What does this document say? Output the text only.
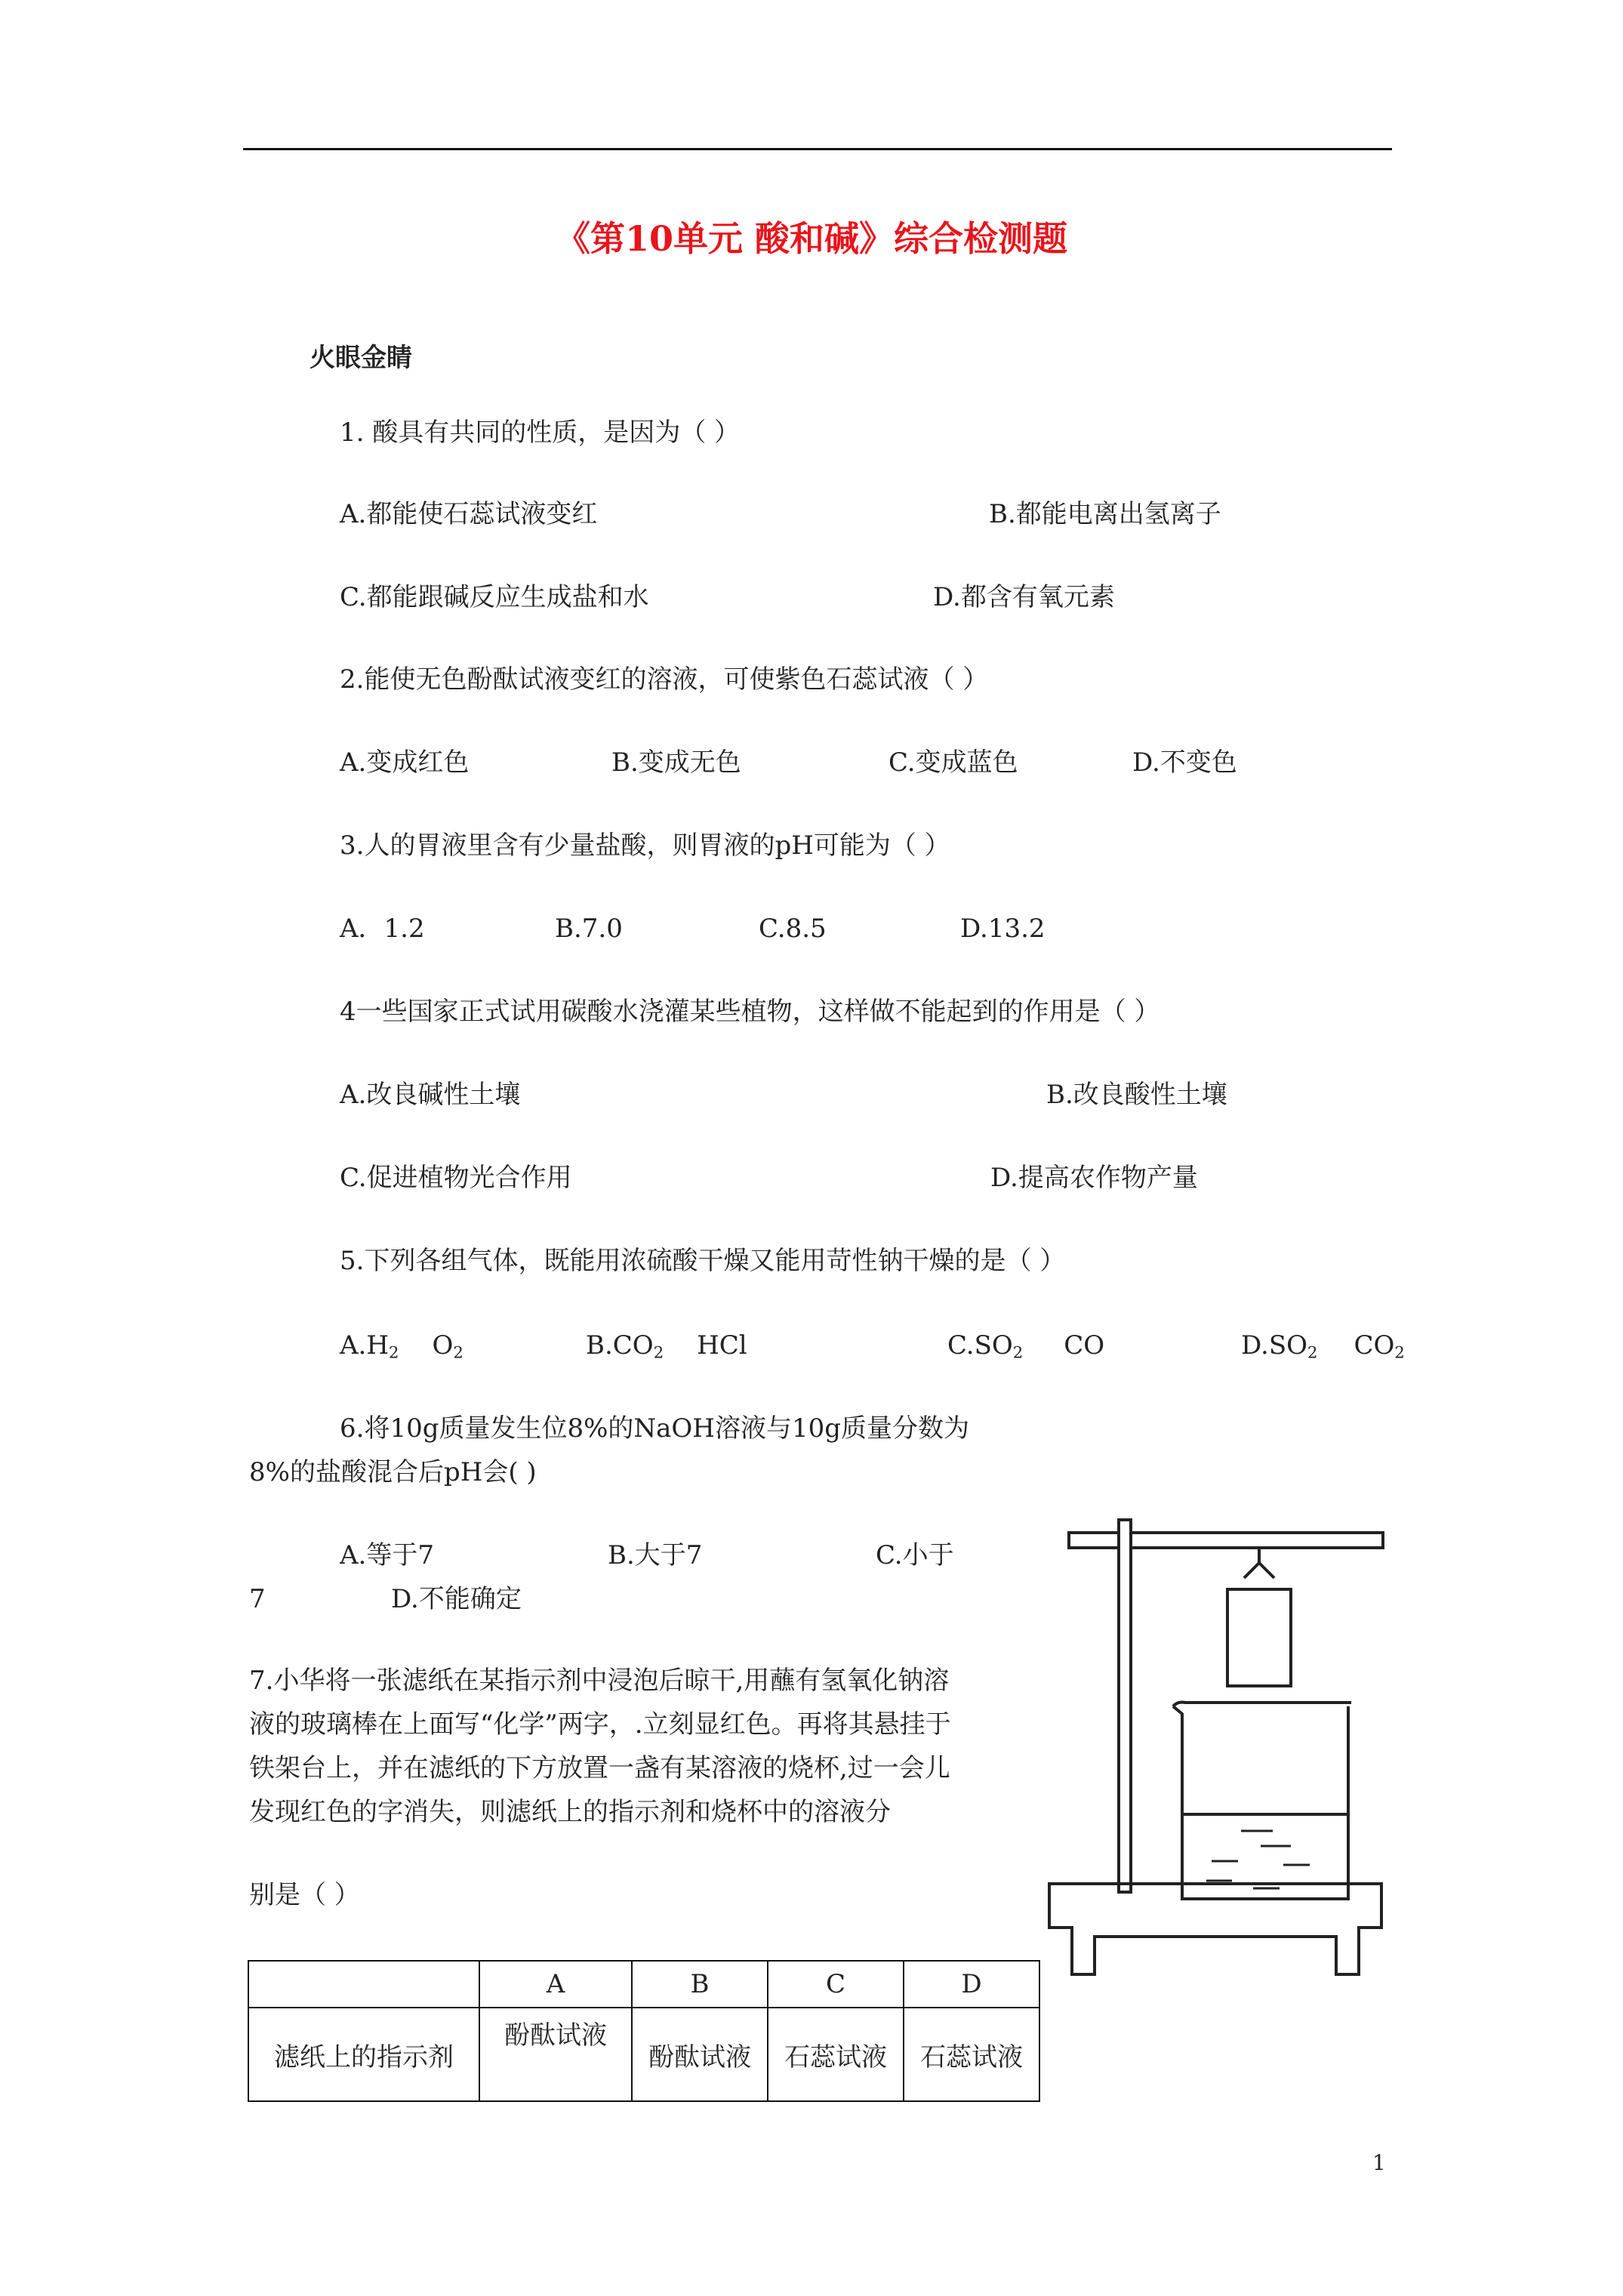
《第10单元 酸和碱》综合检测题
火眼金睛
1. 酸具有共同的性质，是因为（ ）
A.都能使石蕊试液变红	B.都能电离出氢离子
C.都能跟碱反应生成盐和水	D.都含有氧元素
2.能使无色酚酞试液变红的溶液，可使紫色石蕊试液（ ）
A.变成红色	B.变成无色	C.变成蓝色	D.不变色
3.人的胃液里含有少量盐酸，则胃液的pH可能为（ ）
A．1.2	B.7.0	C.8.5	D.13.2
4一些国家正式试用碳酸水浇灌某些植物，这样做不能起到的作用是（ ）
A.改良碱性土壤	B.改良酸性土壤
C.促进植物光合作用	D.提高农作物产量
5.下列各组气体，既能用浓硫酸干燥又能用苛性钠干燥的是（ ）
$A.H_2$ $O_2$	$B.CO_2$ HCl	$C.SO_2$ CO	$D.SO_2$ $CO_2$
6.将10g质量发生位8%的NaOH溶液与10g质量分数为
8%的盐酸混合后pH会( )
A.等于7	B.大于7	C.小于
7	D.不能确定
7.小华将一张滤纸在某指示剂中浸泡后晾干,用蘸有氢氧化钠溶
液的玻璃棒在上面写“化学”两字，.立刻显红色。再将其悬挂于
铁架台上，并在滤纸的下方放置一盏有某溶液的烧杯,过一会儿
发现红色的字消失，则滤纸上的指示剂和烧杯中的溶液分
别是（ ）
	A	B	C	D
滤纸上的指示剂	酚酞试液	酚酞试液	石蕊试液	石蕊试液
1
